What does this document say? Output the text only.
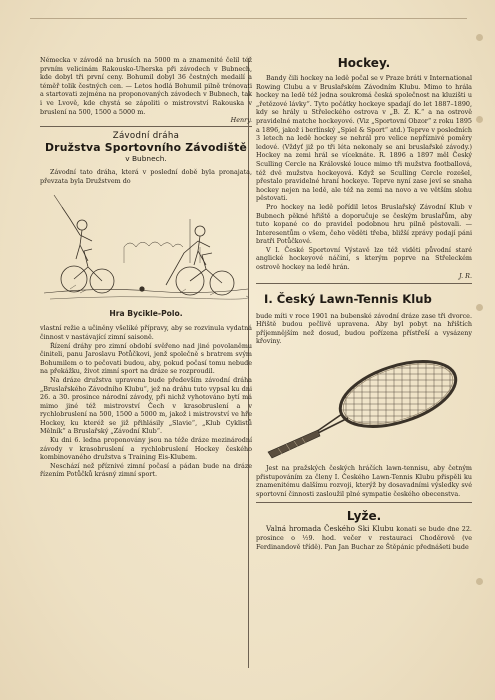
Némecka v závodě na brusích na 5000 m a znamenité čelil též prvním velicinám Rakousko-Uherska při závodech v Bubnech, kde dobyl tři první ceny. Bohumil dobyl 36 čestných medailí a téměř tolik čestných cen. — Letos hodlá Bohumil pilně trénovati a startovati zejména na proponovaných závodech v Bubnech, tak i ve Lvově, kde chystá se zápoliti o mistrovství Rakouska v bruslení na 500, 1500 a 5000 m.

Henry.
Závodní dráha
Družstva Sportovního Závodiště
v Bubnech.

Závodní tato dráha, která v poslední době byla pronajata, převzata byla Družstvem do

Hra Bycikle-Polo.

vlastní režie a učiněny všeliké přípravy, aby se rozvinula vydatná činnost v nastávající zimní saisoně.

Řízení dráhy pro zimní období svěřeno nad jiné povolaněmu činiteli, panu Jaroslavu Potůčkovi, jenž společně s bratrem svým Bohumilem o to pečovati budou, aby, pokud počasí tomu nebude na překážku, život zimní sport na dráze se rozproudil.

Na dráze družstva upravena bude především závodní dráha „Bruslařského Závodního Klubu“, jež na dráhu tuto vypsal ku dni 26. a 30. prosince národní závody, při nichž vyhotováno bytí má mimo jiné též mistrovství Čech v krasobruslení a v rychlobruslení na 500, 1500 a 5000 m, jakož i mistrovství ve hře Hockey, ku kteréž se již přihlásily „Slavie“, „Klub Cyklistů Mělník“ a Bruslařský „Závodní Klub“.

Ku dni 6. ledna proponovány jsou na téže dráze mezinárodní závody v krasobruslení a rychlobruslení Hockey českého kombinovaného družstva s Training Eis-Klubem.

Neschází než příznivé zimní počasí a pádan bude na dráze řízením Potůčků krásný zimní sport.

Hockey.

Bandy čili hockey na ledě počal se v Praze bráti v International Rowing Clubu a v Bruslařském Závodním Klubu. Mimo to hrála hockey na ledě též jedna soukromá česká společnost na kluzišti u „řetězové lávky“. Tyto počátky hockeye spadají do let 1887–1890, kdy se hrály u Střeleckého ostrova v „B. Z. K.“ a na ostrově pravidelné matche hockeyové. (Viz „Sportovní Obzor“ z roku 1895 a 1896, jakož i berlínský „Spiel & Sport“ atd.) Teprve v posledních 3 letech na ledě hockey se nehrál pro velice nepříznivé poměry ledové. (Vždyť již po tři léta nekonaly se ani bruslařské závody.) Hockey na zemi hrál se víceknáte. R. 1896 a 1897 měl Český Sculling Cercle na Královské louce mimo tři mužstva footballová, též dvě mužstva hockeyová. Když se Sculling Cercle rozešel, přestalo pravidelné hraní hockeye. Teprve nyní zase jeví se snaha hockey nejen na ledě, ale též na zemi na novo a ve větším slohu pěstovati.

Pro hockey na ledě pořídil letos Bruslařský Závodní Klub v Bubnech pěkné hřiště a doporučuje se českým bruslařům, aby tuto kopané co do pravidel podobnou hru pilně pěstovali. — Interesentům o všem, čeho věděti třeba, bližší zprávy podají páni bratři Potůčkové.

V I. České Sportovní Výstavě lze též viděti původní staré anglické hockeyové náčiní, s kterým poprve na Střeleckém ostrově hockey na ledě hrán.

J. R.
I. Český Lawn-Tennis Klub

bude míti v roce 1901 na bubenské závodní dráze zase tři dvorce. Hřiště budou pečlivě upravena. Aby byl pobyt na hřištích příjemnějším než dosud, budou pořízena přístřeší a vysázeny křoviny.

Jest na pražských českých hráčích lawn-tennisu, aby četným přistupováním za členy I. Českého Lawn-Tennis Klubu přispěli ku znamenitému dalšímu rozvoji, kterýž by dosavadními výsledky své sportovní činnosti zasloužil plné sympatie českého obecenstva.

Lyže.

Valná hromada Českého Ski Klubu konati se bude dne 22. prosince o ½9. hod. večer v restauraci Choděrově (ve Ferdinandově třídě). Pan Jan Buchar ze Štěpánic přednášeti bude
